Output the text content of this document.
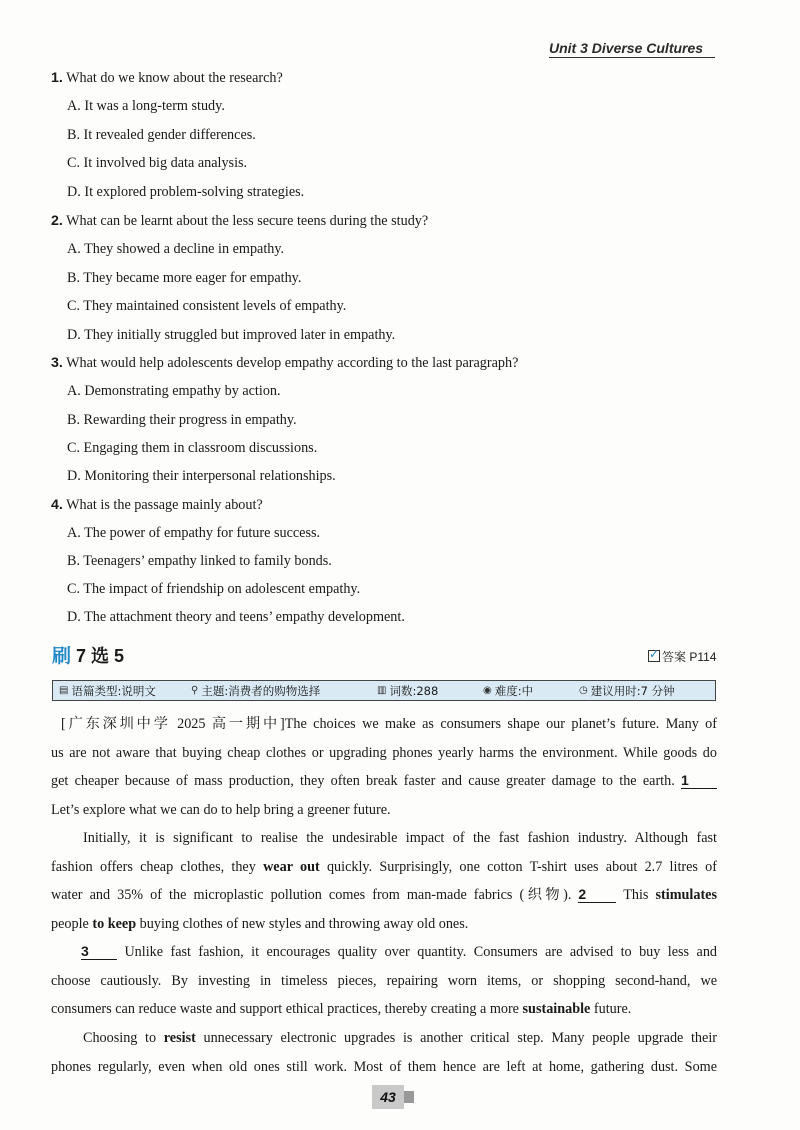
Unit 3 Diverse Cultures
1. What do we know about the research?
A. It was a long-term study.
B. It revealed gender differences.
C. It involved big data analysis.
D. It explored problem-solving strategies.
2. What can be learnt about the less secure teens during the study?
A. They showed a decline in empathy.
B. They became more eager for empathy.
C. They maintained consistent levels of empathy.
D. They initially struggled but improved later in empathy.
3. What would help adolescents develop empathy according to the last paragraph?
A. Demonstrating empathy by action.
B. Rewarding their progress in empathy.
C. Engaging them in classroom discussions.
D. Monitoring their interpersonal relationships.
4. What is the passage mainly about?
A. The power of empathy for future success.
B. Teenagers’ empathy linked to family bonds.
C. The impact of friendship on adolescent empathy.
D. The attachment theory and teens’ empathy development.
刷 7 选 5
✓	答案 P114
▤ 语篇类型:说明文	⚲ 主题:消费者的购物选择	▥ 词数:288	◉ 难度:中	◷ 建议用时:7 分钟
[广东深圳中学 2025 高一期中]The choices we make as consumers shape our planet’s future. Many of
us are not aware that buying cheap clothes or upgrading phones yearly harms the environment. While goods do
get cheaper because of mass production, they often break faster and cause greater damage to the earth. 1
Let’s explore what we can do to help bring a greener future.
Initially, it is significant to realise the undesirable impact of the fast fashion industry. Although fast
fashion offers cheap clothes, they wear out quickly. Surprisingly, one cotton T-shirt uses about 2.7 litres of
water and 35% of the microplastic pollution comes from man-made fabrics (织物). 2 This stimulates
people to keep buying clothes of new styles and throwing away old ones.
3 Unlike fast fashion, it encourages quality over quantity. Consumers are advised to buy less and
choose cautiously. By investing in timeless pieces, repairing worn items, or shopping second-hand, we
consumers can reduce waste and support ethical practices, thereby creating a more sustainable future.
Choosing to resist unnecessary electronic upgrades is another critical step. Many people upgrade their
phones regularly, even when old ones still work. Most of them hence are left at home, gathering dust. Some
43
